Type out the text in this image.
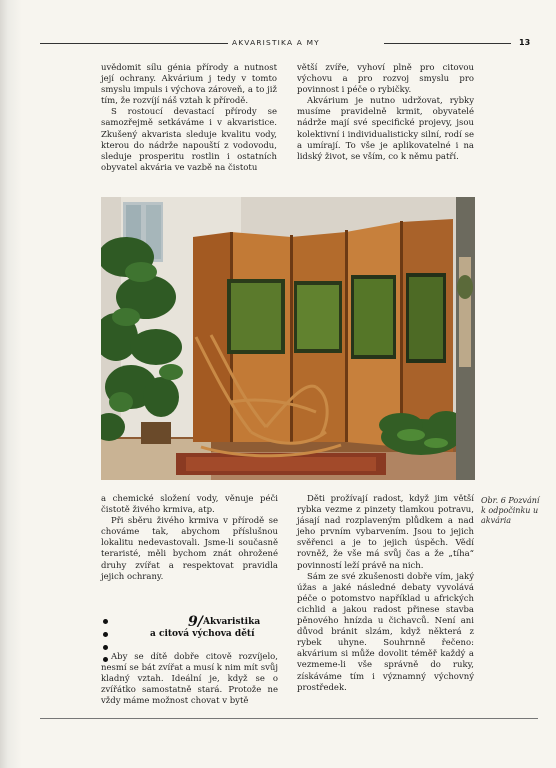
AKVARISTIKA A MY	13

uvědomit sílu génia přírody a nutnost její ochrany. Akvárium j tedy v tomto smyslu impuls i výchova zároveň, a to již tím, že rozvíjí náš vztah k přírodě.

S rostoucí devastací přírody se samozřejmě setkáváme i v akvaristice. Zkušený akvarista sleduje kvalitu vody, kterou do nádrže napouští z vodovodu, sleduje prosperitu rostlin i ostatních obyvatel akvária ve vazbě na čistotu

větší zvíře, vyhoví plně pro citovou výchovu a pro rozvoj smyslu pro povinnost i péče o rybičky.

Akvárium je nutno udržovat, rybky musíme pravidelně krmit, obyvatelé nádrže mají své specifické projevy, jsou kolektivní i individualisticky silní, rodí se a umírají. To vše je aplikovatelné i na lidský život, se vším, co k němu patří.

Obr. 6 Pozvání k odpočinku u akvária

a chemické složení vody, věnuje péči čistotě živého krmiva, atp.

Při sběru živého krmiva v přírodě se chováme tak, abychom příslušnou lokalitu nedevastovali. Jsme-li současně teraristé, měli bychom znát ohrožené druhy zvířat a respektovat pravidla jejich ochrany.

9/ Akvaristika
a citová výchova dětí

Aby se dítě dobře citově rozvíjelo, nesmí se bát zvířat a musí k nim mít svůj kladný vztah. Ideální je, když se o zvířátko samostatně stará. Protože ne vždy máme možnost chovat v bytě

Děti prožívají radost, když jim větší rybka vezme z pinzety tlamkou potravu, jásají nad rozplaveným plůdkem a nad jeho prvním vybarvením. Jsou to jejich svěřenci a je to jejich úspěch. Vědí rovněž, že vše má svůj čas a že „tíha“ povinností leží právě na nich.

Sám ze své zkušenosti dobře vím, jaký úžas a jaké následné debaty vyvolává péče o potomstvo například u afrických cichlid a jakou radost přinese stavba pěnového hnízda u čichavců. Není ani důvod bránit slzám, když některá z rybek uhyne. Souhrnně řečeno: akvárium si může dovolit téměř každý a vezmeme-li vše správně do ruky, získáváme tím i významný výchovný prostředek.
